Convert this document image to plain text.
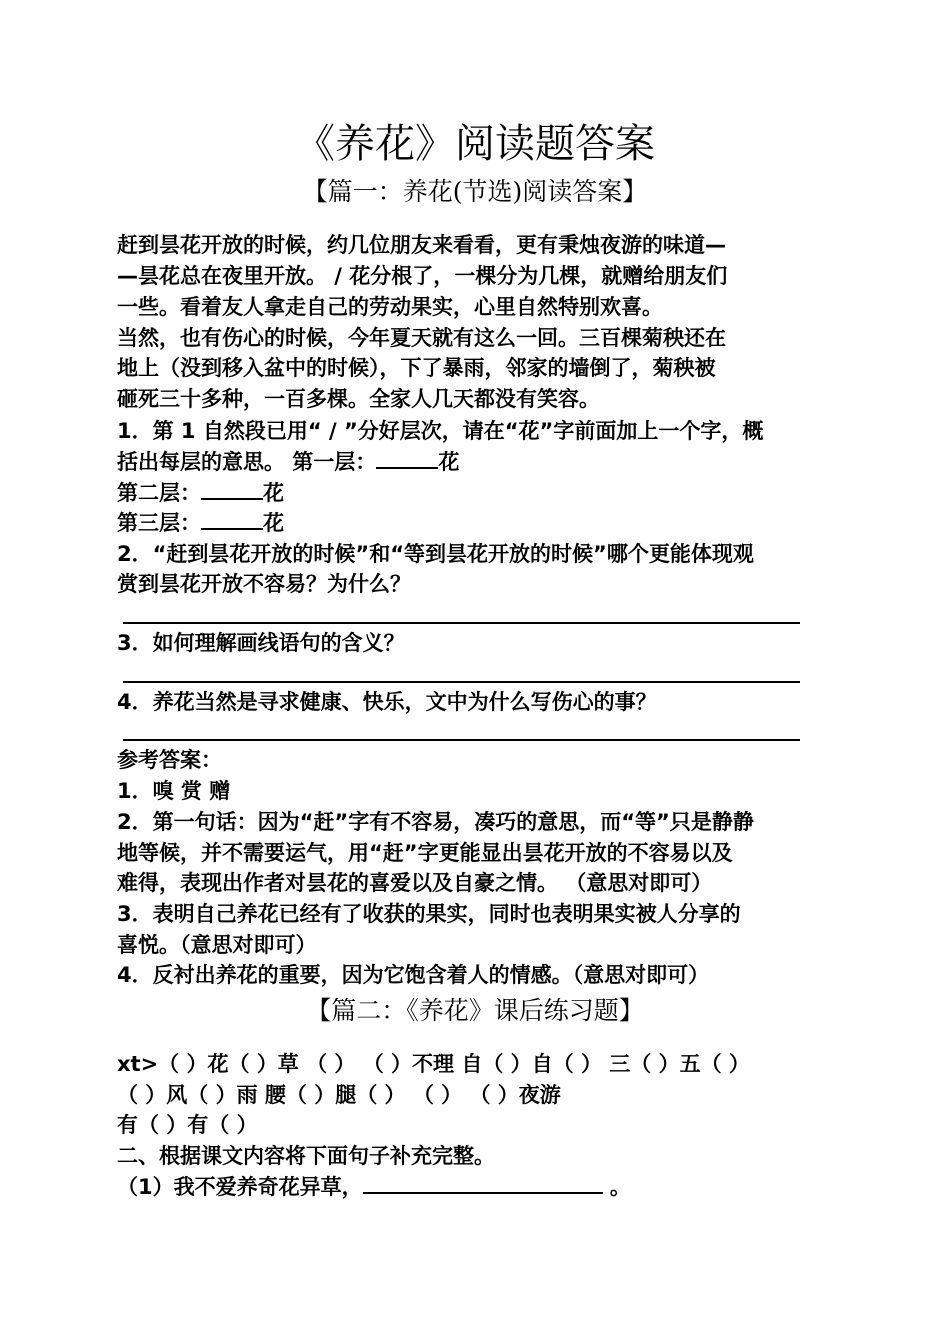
《养花》阅读题答案
【篇一：养花(节选)阅读答案】
赶到昙花开放的时候，约几位朋友来看看，更有秉烛夜游的味道—
—昙花总在夜里开放。 / 花分根了，一棵分为几棵，就赠给朋友们
一些。看着友人拿走自己的劳动果实，心里自然特别欢喜。
当然，也有伤心的时候，今年夏天就有这么一回。三百棵菊秧还在
地上（没到移入盆中的时候），下了暴雨，邻家的墙倒了，菊秧被
砸死三十多种，一百多棵。全家人几天都没有笑容。
1．第 1 自然段已用“ / ”分好层次，请在“花”字前面加上一个字，概
括出每层的意思。 第一层：	花
第二层：	花
第三层：	花
2．“赶到昙花开放的时候”和“等到昙花开放的时候”哪个更能体现观
赏到昙花开放不容易？为什么？
3．如何理解画线语句的含义？
4．养花当然是寻求健康、快乐，文中为什么写伤心的事？
参考答案：
1．嗅 赏 赠
2．第一句话：因为“赶”字有不容易，凑巧的意思，而“等”只是静静
地等候，并不需要运气，用“赶”字更能显出昙花开放的不容易以及
难得，表现出作者对昙花的喜爱以及自豪之情。 （意思对即可）
3．表明自己养花已经有了收获的果实，同时也表明果实被人分享的
喜悦。（意思对即可）
4．反衬出养花的重要，因为它饱含着人的情感。（意思对即可）
【篇二：《养花》课后练习题】
xt>（ ）花（ ）草 （ ） （ ）不理 自（ ）自（ ） 三（ ）五（ ）
（ ）风（ ）雨 腰（ ）腿（ ） （ ） （ ）夜游
有（ ）有（ ）
二、根据课文内容将下面句子补充完整。
（1）我不爱养奇花异草，	。
